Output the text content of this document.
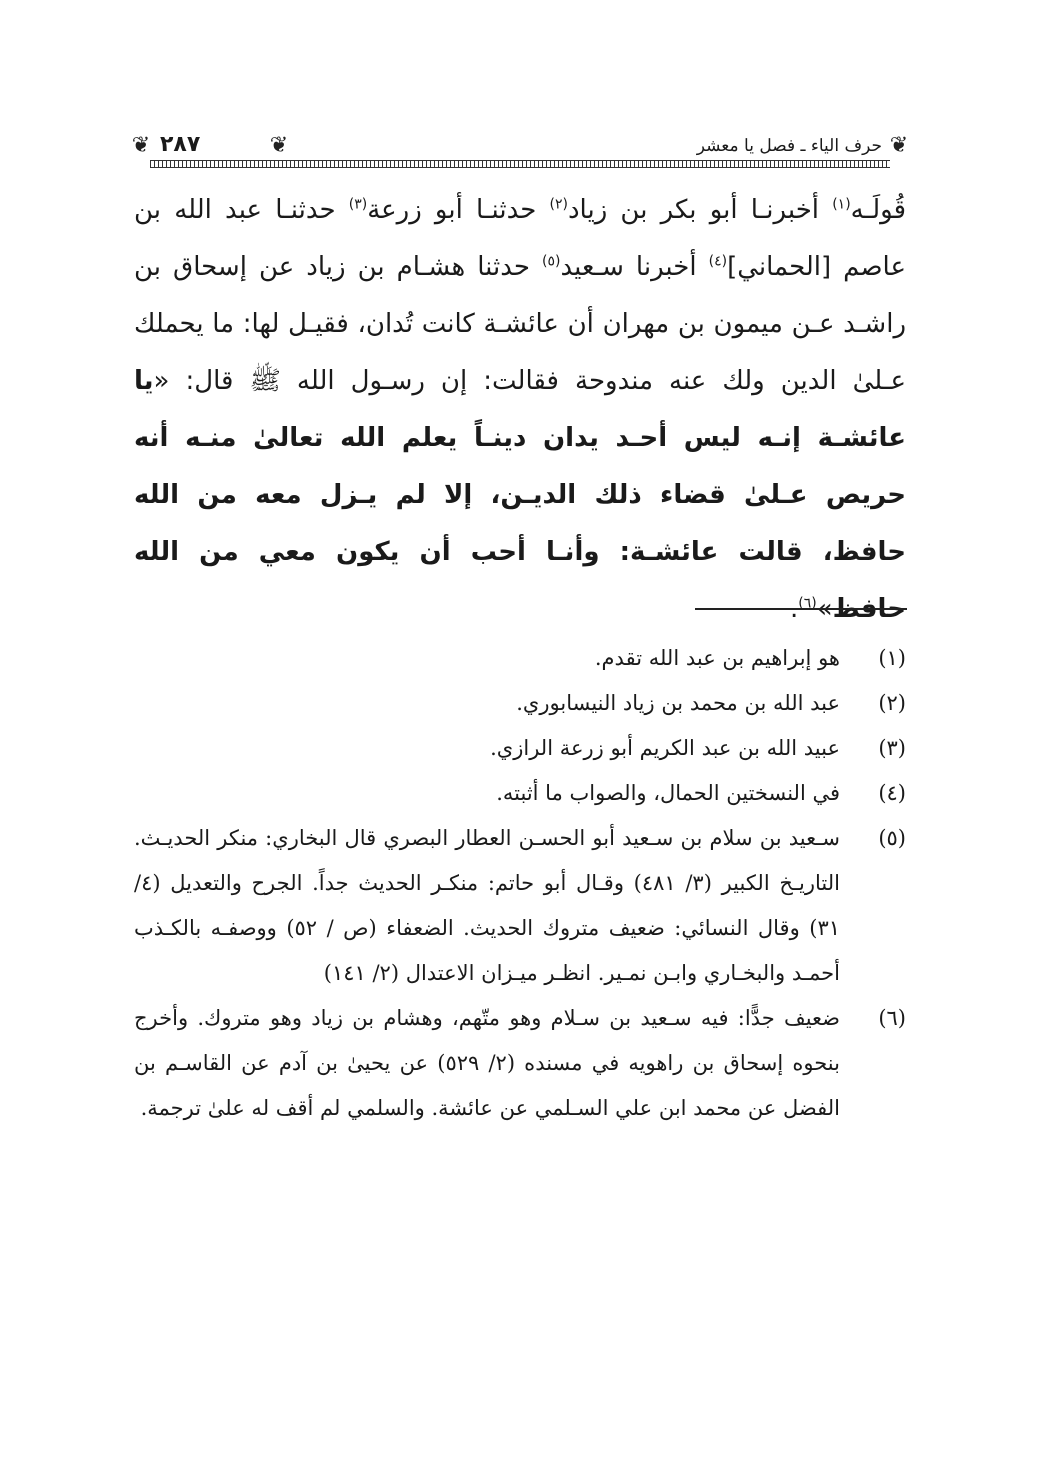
❦
حرف الياء ـ فصل يا معشر
❦
٢٨٧
❦
قُولَـه$^{(١)}$ أخبرنـا أبو بكر بن زياد$^{(٢)}$ حدثنـا أبو زرعة$^{(٣)}$ حدثنـا عبد الله بن عاصم [الحماني]$^{(٤)}$ أخبرنا سـعيد$^{(٥)}$ حدثنا هشـام بن زياد عن إسحاق بن راشـد عـن ميمون بن مهران أن عائشـة كانت تُدان، فقيـل لها: ما يحملك عـلىٰ الدين ولك عنه مندوحة فقالت: إن رسـول الله ﷺ قال: «يا عائشـة إنـه ليس أحـد يدان دينـاً يعلم الله تعالىٰ منـه أنه حريص عـلىٰ قضاء ذلك الديـن، إلا لم يـزل معه من الله حافظ، قالت عائشـة: وأنـا أحب أن يكون معي من الله حافظ»$^{(٦)}$.
(١)
هو إبراهيم بن عبد الله تقدم.
(٢)
عبد الله بن محمد بن زياد النيسابوري.
(٣)
عبيد الله بن عبد الكريم أبو زرعة الرازي.
(٤)
في النسختين الحمال، والصواب ما أثبته.
(٥)
سـعيد بن سلام بن سـعيد أبو الحسـن العطار البصري قال البخاري: منكر الحديـث. التاريـخ الكبير (٣/ ٤٨١) وقـال أبو حاتم: منكـر الحديث جداً. الجرح والتعديل (٤/ ٣١) وقال النسائي: ضعيف متروك الحديث. الضعفاء (ص / ٥٢) ووصفـه بالكـذب أحمـد والبخـاري وابـن نمـير. انظـر ميـزان الاعتدال (٢/ ١٤١)
(٦)
ضعيف جدًّا: فيه سـعيد بن سـلام وهو متّهم، وهشام بن زياد وهو متروك. وأخرج بنحوه إسحاق بن راهويه في مسنده (٢/ ٥٢٩) عن يحيىٰ بن آدم عن القاسـم بن الفضل عن محمد ابن علي السـلمي عن عائشة. والسلمي لم أقف له علىٰ ترجمة.
